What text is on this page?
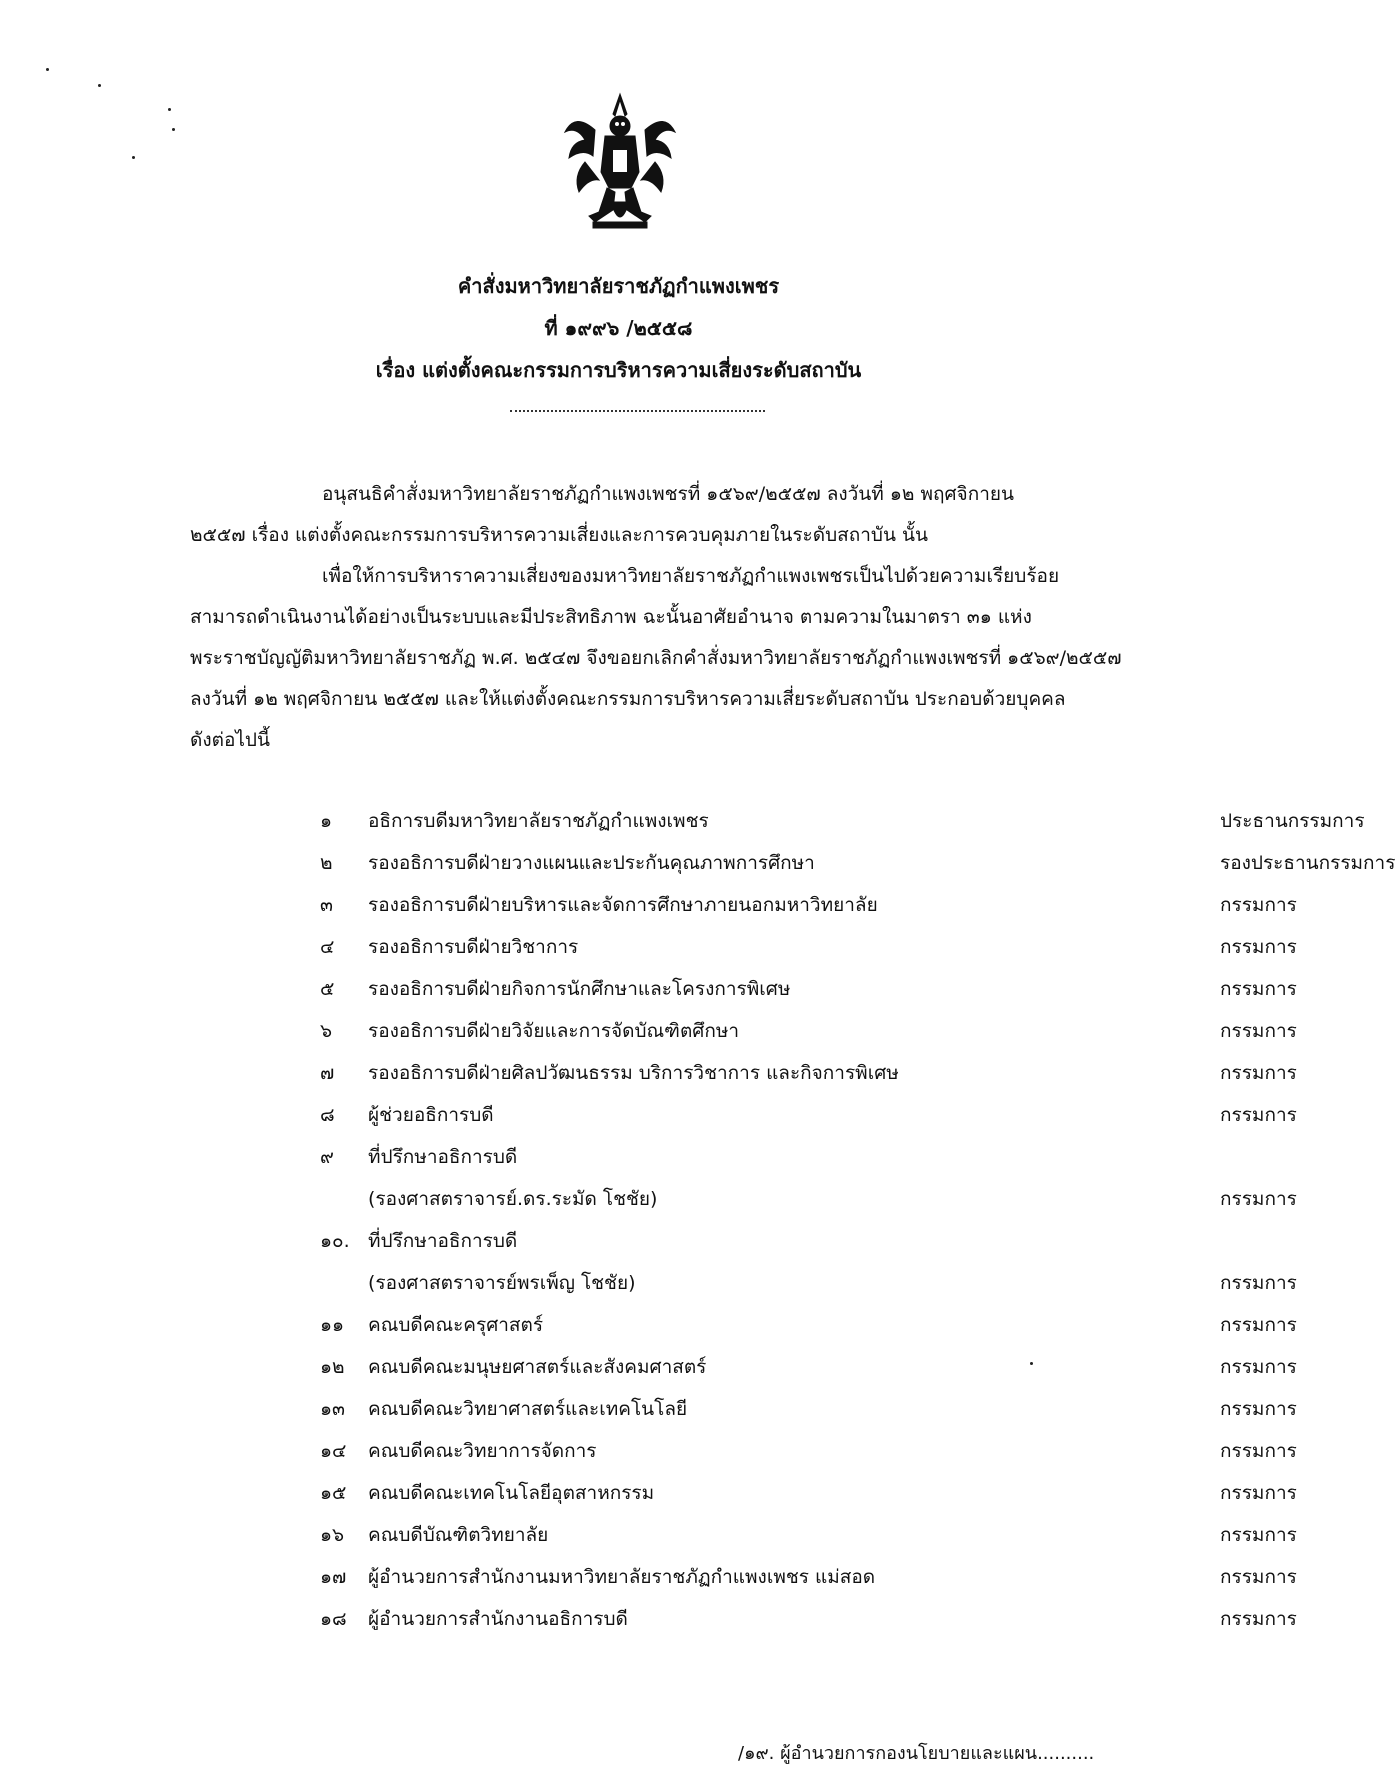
คำสั่งมหาวิทยาลัยราชภัฏกำแพงเพชร
ที่ ๑๙๙๖ /๒๕๕๘
เรื่อง แต่งตั้งคณะกรรมการบริหารความเสี่ยงระดับสถาบัน
อนุสนธิคำสั่งมหาวิทยาลัยราชภัฏกำแพงเพชรที่ ๑๕๖๙/๒๕๕๗ ลงวันที่ ๑๒ พฤศจิกายน
๒๕๕๗ เรื่อง แต่งตั้งคณะกรรมการบริหารความเสี่ยงและการควบคุมภายในระดับสถาบัน นั้น
เพื่อให้การบริหาราความเสี่ยงของมหาวิทยาลัยราชภัฏกำแพงเพชรเป็นไปด้วยความเรียบร้อย
สามารถดำเนินงานได้อย่างเป็นระบบและมีประสิทธิภาพ ฉะนั้นอาศัยอำนาจ ตามความในมาตรา ๓๑ แห่ง
พระราชบัญญัติมหาวิทยาลัยราชภัฏ พ.ศ. ๒๕๔๗ จึงขอยกเลิกคำสั่งมหาวิทยาลัยราชภัฏกำแพงเพชรที่ ๑๕๖๙/๒๕๕๗
ลงวันที่ ๑๒ พฤศจิกายน ๒๕๕๗ และให้แต่งตั้งคณะกรรมการบริหารความเสี่ยระดับสถาบัน ประกอบด้วยบุคคล
ดังต่อไปนี้
๑	อธิการบดีมหาวิทยาลัยราชภัฏกำแพงเพชร	ประธานกรรมการ
๒	รองอธิการบดีฝ่ายวางแผนและประกันคุณภาพการศึกษา	รองประธานกรรมการ
๓	รองอธิการบดีฝ่ายบริหารและจัดการศึกษาภายนอกมหาวิทยาลัย	กรรมการ
๔	รองอธิการบดีฝ่ายวิชาการ	กรรมการ
๕	รองอธิการบดีฝ่ายกิจการนักศึกษาและโครงการพิเศษ	กรรมการ
๖	รองอธิการบดีฝ่ายวิจัยและการจัดบัณฑิตศึกษา	กรรมการ
๗	รองอธิการบดีฝ่ายศิลปวัฒนธรรม บริการวิชาการ และกิจการพิเศษ	กรรมการ
๘	ผู้ช่วยอธิการบดี	กรรมการ
๙	ที่ปรึกษาอธิการบดี
(รองศาสตราจารย์.ดร.ระมัด โชชัย)	กรรมการ
๑๐. ที่ปรึกษาอธิการบดี
(รองศาสตราจารย์พรเพ็ญ โชชัย)	กรรมการ
๑๑	คณบดีคณะครุศาสตร์	กรรมการ
๑๒	คณบดีคณะมนุษยศาสตร์และสังคมศาสตร์	กรรมการ
๑๓	คณบดีคณะวิทยาศาสตร์และเทคโนโลยี	กรรมการ
๑๔	คณบดีคณะวิทยาการจัดการ	กรรมการ
๑๕	คณบดีคณะเทคโนโลยีอุตสาหกรรม	กรรมการ
๑๖	คณบดีบัณฑิตวิทยาลัย	กรรมการ
๑๗	ผู้อำนวยการสำนักงานมหาวิทยาลัยราชภัฏกำแพงเพชร แม่สอด	กรรมการ
๑๘	ผู้อำนวยการสำนักงานอธิการบดี	กรรมการ
/๑๙. ผู้อำนวยการกองนโยบายและแผน..........
